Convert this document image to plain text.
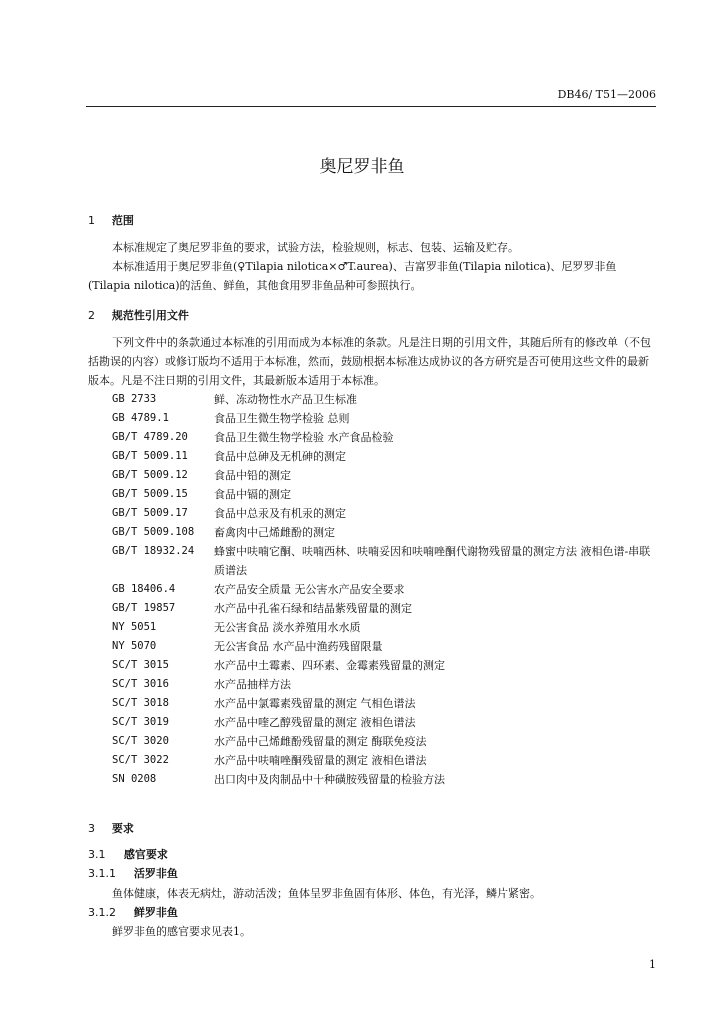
DB46/ T51—2006
奥尼罗非鱼
1 范围
本标准规定了奥尼罗非鱼的要求，试验方法，检验规则，标志、包装、运输及贮存。
本标准适用于奥尼罗非鱼(♀Tilapia nilotica×♂T.aurea)、吉富罗非鱼(Tilapia nilotica)、尼罗罗非鱼(Tilapia nilotica)的活鱼、鲜鱼，其他食用罗非鱼品种可参照执行。
2 规范性引用文件
下列文件中的条款通过本标准的引用而成为本标准的条款。凡是注日期的引用文件，其随后所有的修改单（不包括勘误的内容）或修订版均不适用于本标准，然而，鼓励根据本标准达成协议的各方研究是否可使用这些文件的最新版本。凡是不注日期的引用文件，其最新版本适用于本标准。
GB 2733	鲜、冻动物性水产品卫生标准
GB 4789.1	食品卫生微生物学检验 总则
GB/T 4789.20	食品卫生微生物学检验 水产食品检验
GB/T 5009.11	食品中总砷及无机砷的测定
GB/T 5009.12	食品中铅的测定
GB/T 5009.15	食品中镉的测定
GB/T 5009.17	食品中总汞及有机汞的测定
GB/T 5009.108	畜禽肉中己烯雌酚的测定
GB/T 18932.24	蜂蜜中呋喃它酮、呋喃西林、呋喃妥因和呋喃唑酮代谢物残留量的测定方法 液相色谱-串联质谱法
GB 18406.4	农产品安全质量 无公害水产品安全要求
GB/T 19857	水产品中孔雀石绿和结晶紫残留量的测定
NY 5051	无公害食品 淡水养殖用水水质
NY 5070	无公害食品 水产品中渔药残留限量
SC/T 3015	水产品中土霉素、四环素、金霉素残留量的测定
SC/T 3016	水产品抽样方法
SC/T 3018	水产品中氯霉素残留量的测定 气相色谱法
SC/T 3019	水产品中喹乙醇残留量的测定 液相色谱法
SC/T 3020	水产品中己烯雌酚残留量的测定 酶联免疫法
SC/T 3022	水产品中呋喃唑酮残留量的测定 液相色谱法
SN 0208	出口肉中及肉制品中十种磺胺残留量的检验方法
3 要求
3.1 感官要求
3.1.1 活罗非鱼
鱼体健康，体表无病灶，游动活泼；鱼体呈罗非鱼固有体形、体色，有光泽，鳞片紧密。
3.1.2 鲜罗非鱼
鲜罗非鱼的感官要求见表1。
1
